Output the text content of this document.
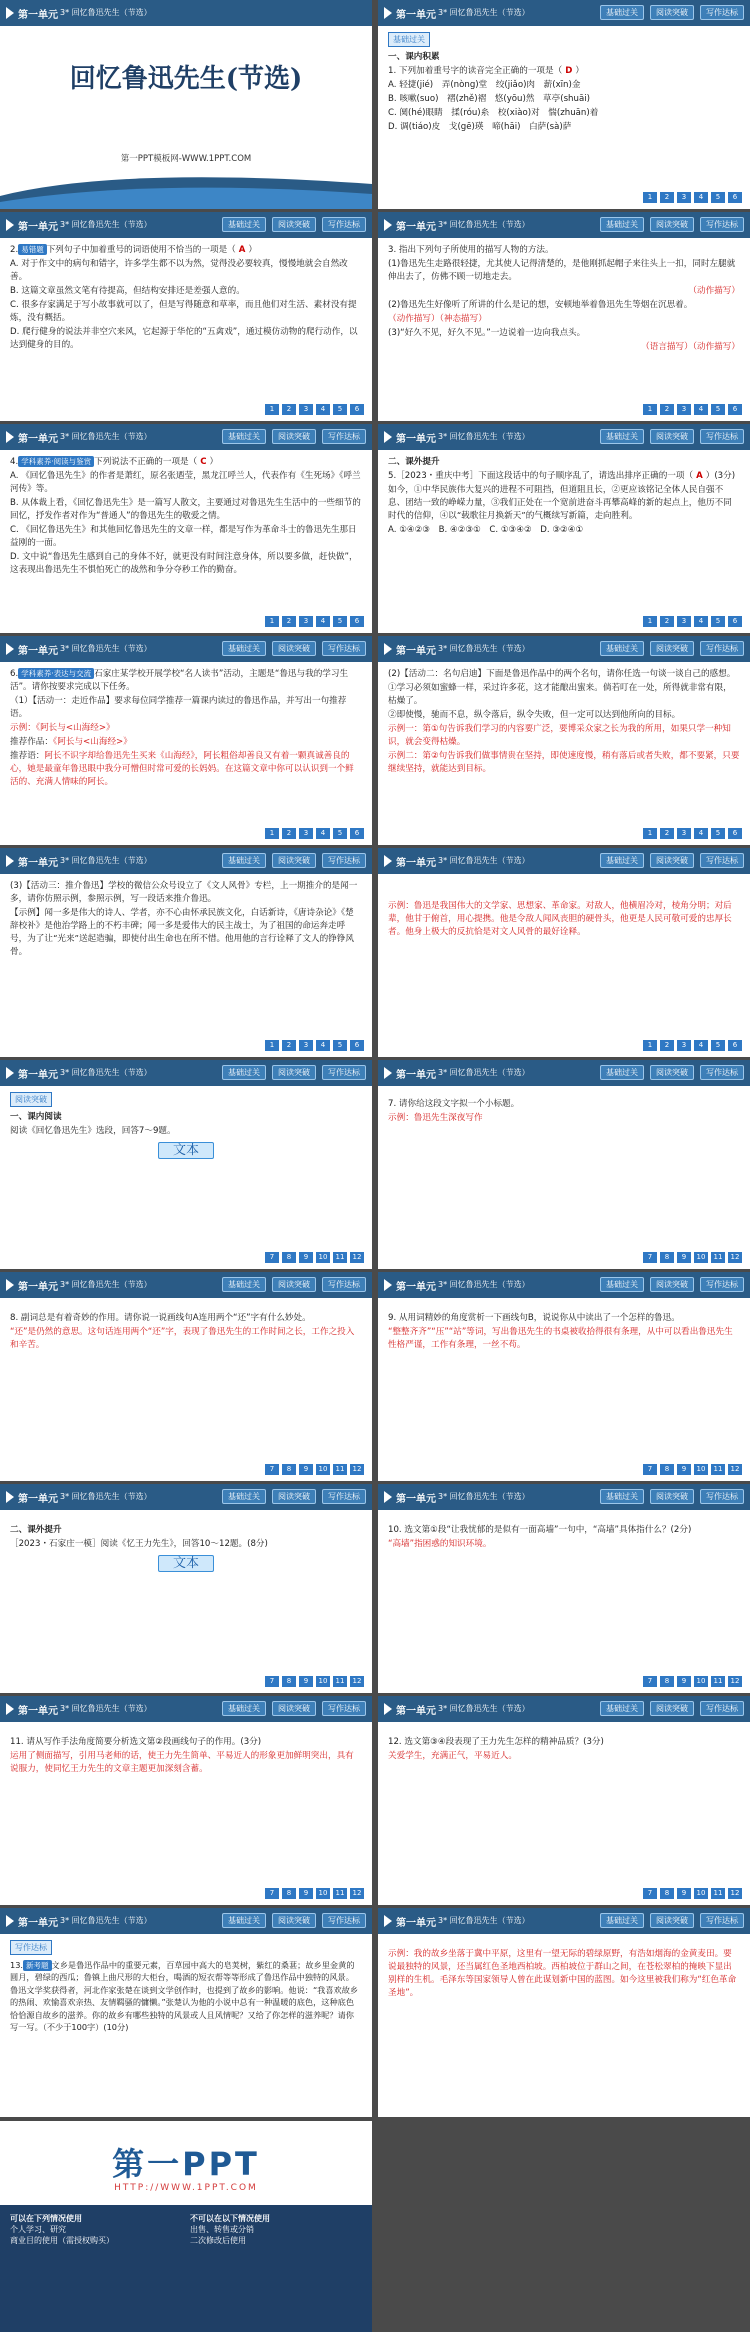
第一单元 3* 回忆鲁迅先生（节选）
回忆鲁迅先生(节选)
第一PPT模板网-WWW.1PPT.COM
第一单元 3* 回忆鲁迅先生（节选）	基础过关	阅读突破	写作达标
基础过关

一、课内积累

1. 下列加着重号字的读音完全正确的一项是（ D ）

A. 轻捷(jié)　弄(nòng)堂　绞(jiǎo)肉　薪(xīn)金

B. 咳嗽(suo)　褶(zhě)褶　悠(yōu)然　草亭(shuāi)

C. 阒(hé)眼睛　揉(róu)糸　校(xiào)对　惴(zhuān)着

D. 调(tiáo)皮　戈(gē)瑛　啼(hāi)　白萨(sà)萨

1	2	3	4	5	6
第一单元 3* 回忆鲁迅先生（节选）	基础过关	阅读突破	写作达标

2. 易错题 下列句子中加着重号的词语使用不恰当的一项是（ A ）

A. 对于作文中的病句和错字，许多学生都不以为然，觉得没必要较真，慢慢地就会自然改善。

B. 这篇文章虽然文笔有待提高，但结构安排还是差强人意的。

C. 很多存家满足于写小故事就可以了，但是写得随意和草率，而且他们对生活、素材没有提炼，没有概括。

D. 爬行健身的说法并非空穴来风，它起源于华佗的“五禽戏”，通过模仿动物的爬行动作，以达到健身的目的。

1	2	3	4	5	6
第一单元 3* 回忆鲁迅先生（节选）	基础过关	阅读突破	写作达标

3. 指出下列句子所使用的描写人物的方法。

(1)鲁迅先生走路很轻捷，尤其使人记得清楚的，是他刚抓起帽子来往头上一扣，同时左腿就伸出去了，仿佛不顾一切地走去。

（动作描写）

(2)鲁迅先生好像听了所讲的什么是记的想，安顿地举着鲁迅先生等烟在沉思着。

（动作描写）（神态描写）

(3)“好久不见，好久不见。”一边说着一边向我点头。

（语言描写）（动作描写）

1	2	3	4	5	6
第一单元 3* 回忆鲁迅先生（节选）	基础过关	阅读突破	写作达标

4. 学科素养·阅读与鉴赏 下列说法不正确的一项是（ C ）

A. 《回忆鲁迅先生》的作者是萧红，原名张迺莹，黑龙江呼兰人，代表作有《生死场》《呼兰河传》等。

B. 从体裁上看，《回忆鲁迅先生》是一篇写人散文，主要通过对鲁迅先生生活中的一些细节的回忆，抒发作者对作为“普通人”的鲁迅先生的敬爱之情。

C. 《回忆鲁迅先生》和其他回忆鲁迅先生的文章一样，都是写作为革命斗士的鲁迅先生那日益刚的一面。

D. 文中说“鲁迅先生感到自己的身体不好，就更没有时间注意身体，所以要多做，赶快做”，这表现出鲁迅先生不惧怕死亡的战然和争分夺秒工作的勤奋。

1	2	3	4	5	6
第一单元 3* 回忆鲁迅先生（节选）	基础过关	阅读突破	写作达标

二、课外提升

5.［2023・重庆中考］下面这段话中的句子顺序乱了，请选出排序正确的一项（ A ）(3分)

如今，①中华民族伟大复兴的进程不可阻挡，但道阻且长，②更应该铭记全体人民自强不息、团结一致的峥嵘力量，③我们正处在一个宽前进奋斗再攀高峰的新的起点上，他历不同时代的信仰，④以“载歌往月换新天”的气概续写新篇，走向胜利。

A. ①④②③　B. ④②③①　C. ①③④②　D. ③②④①

1	2	3	4	5	6
第一单元 3* 回忆鲁迅先生（节选）	基础过关	阅读突破	写作达标

6. 学科素养·表达与交流 石家庄某学校开展学校“名人读书”活动，主题是“鲁迅与我的学习生活”。请你按要求完成以下任务。

（1）【活动一：走近作品】要求每位同学推荐一篇课内读过的鲁迅作品，并写出一句推荐语。

示例：《阿长与<山海经>》

推荐作品：《阿长与<山海经>》

推荐语：阿长不识字却给鲁迅先生买来《山海经》，阿长粗俗却善良又有着一颗真诚善良的心，她是最童年鲁迅眼中我分可憎但时常可爱的长妈妈。在这篇文章中你可以认识到一个鲜活的、充满人情味的阿长。

1	2	3	4	5	6
第一单元 3* 回忆鲁迅先生（节选）	基础过关	阅读突破	写作达标

(2)【活动二：名句启迪】下面是鲁迅作品中的两个名句，请你任选一句谈一谈自己的感想。

①学习必须如蜜蜂一样，采过许多花，这才能酿出蜜来。倘若叮在一处，所得就非常有限，枯燥了。

②即使慢，驰而不息，纵令落后，纵令失败，但一定可以达到他所向的目标。

示例一：第①句告诉我们学习的内容要广泛，要博采众家之长为我的所用，如果只学一种知识，就会变得枯燥。

示例二：第②句告诉我们做事情贵在坚持，即使速度慢，稍有落后或者失败，都不要紧，只要继续坚持，就能达到目标。

1	2	3	4	5	6
第一单元 3* 回忆鲁迅先生（节选）	基础过关	阅读突破	写作达标

(3)【活动三：推介鲁迅】学校的微信公众号设立了《文人风骨》专栏，上一期推介的是闻一多，请你仿照示例，参照示例，写一段话来推介鲁迅。

【示例】闻一多是伟大的诗人、学者，亦不心由怀承民族文化，白话新诗，《唐诗杂论》《楚辞校补》是他治学路上的不朽丰碑；闻一多是爱伟大的民主战士，为了祖国的命运奔走呼号，为了让“光来”送起造骗，即使付出生命也在所不惜。他用他的言行诠释了文人的铮铮风骨。

1	2	3	4	5	6
第一单元 3* 回忆鲁迅先生（节选）	基础过关	阅读突破	写作达标

示例：鲁迅是我国伟大的文学家、思想家、革命家。对敌人，他横眉冷对，棱角分明；对后辈，他甘于俯首，用心提携。他是令敌人闻风丧胆的硬骨头，他更是人民可敬可爱的忠厚长者。他身上极大的反抗恰是对文人风骨的最好诠释。

1	2	3	4	5	6
第一单元 3* 回忆鲁迅先生（节选）	基础过关	阅读突破	写作达标
阅读突破

一、课内阅读

阅读《回忆鲁迅先生》选段，回答7～9题。

文本
7	8	9	10	11	12
第一单元 3* 回忆鲁迅先生（节选）	基础过关	阅读突破	写作达标

7. 请你给这段文字拟一个小标题。

示例：鲁迅先生深夜写作

7	8	9	10	11	12
第一单元 3* 回忆鲁迅先生（节选）	基础过关	阅读突破	写作达标

8. 副词总是有着奇妙的作用。请你说一说画线句A连用两个“还”字有什么妙处。

“还”是仍然的意思。这句话连用两个“还”字，表现了鲁迅先生的工作时间之长，工作之投入和辛苦。

7	8	9	10	11	12
第一单元 3* 回忆鲁迅先生（节选）	基础过关	阅读突破	写作达标

9. 从用词精妙的角度赏析一下画线句B，说说你从中读出了一个怎样的鲁迅。

“整整齐齐”“压”“站”等词，写出鲁迅先生的书桌被收拾得很有条理，从中可以看出鲁迅先生性格严谨，工作有条理，一丝不苟。

7	8	9	10	11	12
第一单元 3* 回忆鲁迅先生（节选）	基础过关	阅读突破	写作达标

二、课外提升

［2023・石家庄一模］阅读《忆王力先生》，回答10～12题。(8分)

文本
7	8	9	10	11	12
第一单元 3* 回忆鲁迅先生（节选）	基础过关	阅读突破	写作达标

10. 选文第①段“让我忧郁的是似有一面高墙”一句中，“高墙”具体指什么？(2分)

“高墙”指困惑的知识环境。

7	8	9	10	11	12
第一单元 3* 回忆鲁迅先生（节选）	基础过关	阅读突破	写作达标

11. 请从写作手法角度简要分析选文第②段画线句子的作用。(3分)

运用了侧面描写，引用马老师的话，使王力先生简单、平易近人的形象更加鲜明突出，具有说服力，使同忆王力先生的文章主题更加深刻含蓄。

7	8	9	10	11	12
第一单元 3* 回忆鲁迅先生（节选）	基础过关	阅读突破	写作达标

12. 选文第③④段表现了王力先生怎样的精神品质？(3分)

关爱学生，充满正气，平易近人。

7	8	9	10	11	12
第一单元 3* 回忆鲁迅先生（节选）	基础过关	阅读突破	写作达标
写作达标

13. 新考题 文乡是鲁迅作品中的重要元素，百草园中高大的皂荚树，紫红的桑葚；故乡里金黄的圆月，碧绿的西瓜；鲁镇上曲尺形的大柜台，喝酒的短衣帮等等形成了鲁迅作品中独特的风景。鲁迅文学奖获得者，河北作家张楚在谈到文学创作时，也提到了故乡的影响。他说：“我喜欢故乡的热闹、欢愉喜欢亲热、友情羁骚的慵懒。”张楚认为他的小说中总有一种温暖的底色，这种底色恰恰源自故乡的滋养。你的故乡有哪些独特的风景或人且风情呢？又给了你怎样的滋养呢？请你写一写。（不少于100字）(10分)

第一单元 3* 回忆鲁迅先生（节选）	基础过关	阅读突破	写作达标

示例：我的故乡坐落于冀中平原，这里有一望无际的碧绿原野，有浩如烟海的金黄麦田。要说最独特的风景，还当属红色圣地西柏坡。西柏坡位于群山之间，在苍松翠柏的掩映下显出别样的生机。毛泽东等国家领导人曾在此谋划新中国的蓝图。如今这里被我们称为“红色革命圣地”。

第一PPT
HTTP://WWW.1PPT.COM
可以在下列情况使用
个人学习、研究
商业目的使用（需授权购买）
不可以在以下情况使用
出售、转售或分销
二次修改后使用
